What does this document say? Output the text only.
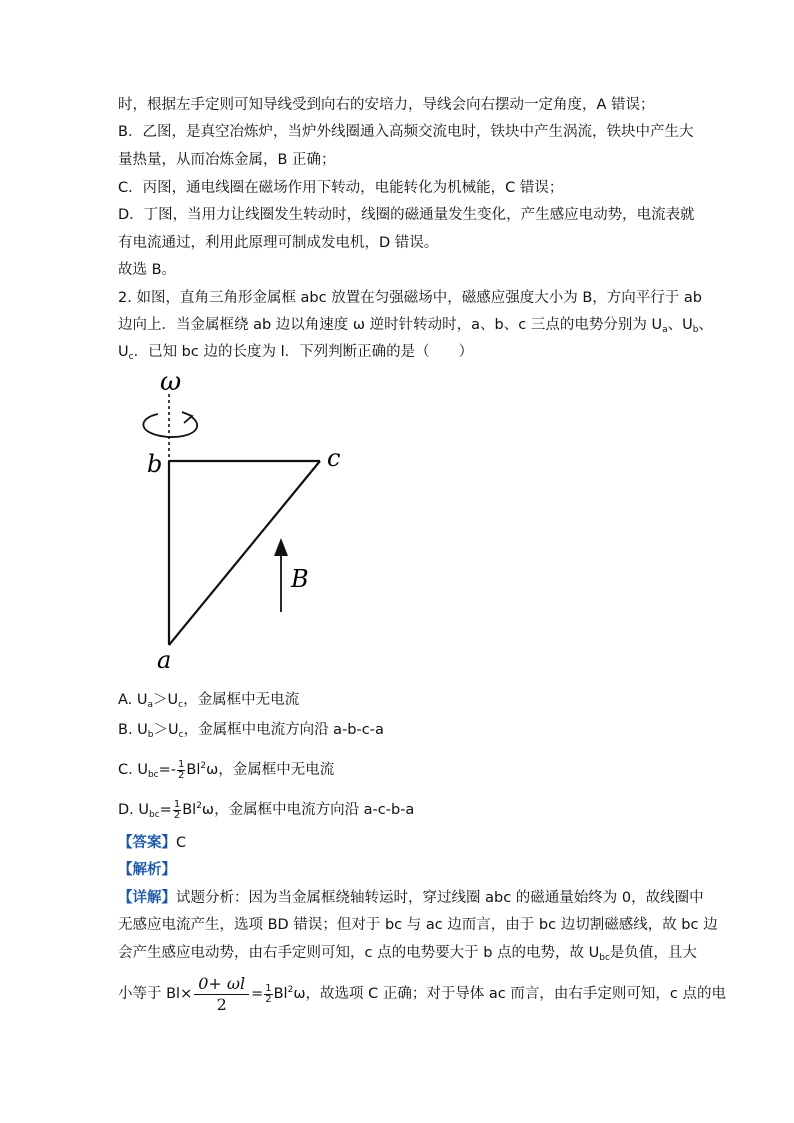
时，根据左手定则可知导线受到向右的安培力，导线会向右摆动一定角度，A 错误；
B．乙图，是真空冶炼炉，当炉外线圈通入高频交流电时，铁块中产生涡流，铁块中产生大
量热量，从而冶炼金属，B 正确；
C．丙图，通电线圈在磁场作用下转动，电能转化为机械能，C 错误；
D．丁图，当用力让线圈发生转动时，线圈的磁通量发生变化，产生感应电动势，电流表就
有电流通过，利用此原理可制成发电机，D 错误。
故选 B。
2. 如图，直角三角形金属框 abc 放置在匀强磁场中，磁感应强度大小为 B，方向平行于 ab
边向上．当金属框绕 ab 边以角速度 ω 逆时针转动时，a、b、c 三点的电势分别为 $U_a$、$U_b$、
$U_c$．已知 bc 边的长度为 l．下列判断正确的是（　　）
ω
b	c
a
B
A. $U_a>U_c$，金属框中无电流
B. $U_b>U_c$，金属框中电流方向沿 a-b-c-a
C. $U_{bc}=- \frac{1}{2} Bl^2\omega$，金属框中无电流
D. $U_{bc}= \frac{1}{2} Bl^2\omega$，金属框中电流方向沿 a-c-b-a
【答案】C
【解析】
【详解】试题分析：因为当金属框绕轴转运时，穿过线圈 abc 的磁通量始终为 0，故线圈中
无感应电流产生，选项 BD 错误；但对于 bc 与 ac 边而言，由于 bc 边切割磁感线，故 bc 边
会产生感应电动势，由右手定则可知，c 点的电势要大于 b 点的电势，故 $U_{bc}$是负值，且大
小等于 $Bl\times \frac{0+ \omega l}{2} = \frac{1}{2} Bl^2\omega$，故选项 C 正确；对于导体 ac 而言，由右手定则可知，c 点的电
